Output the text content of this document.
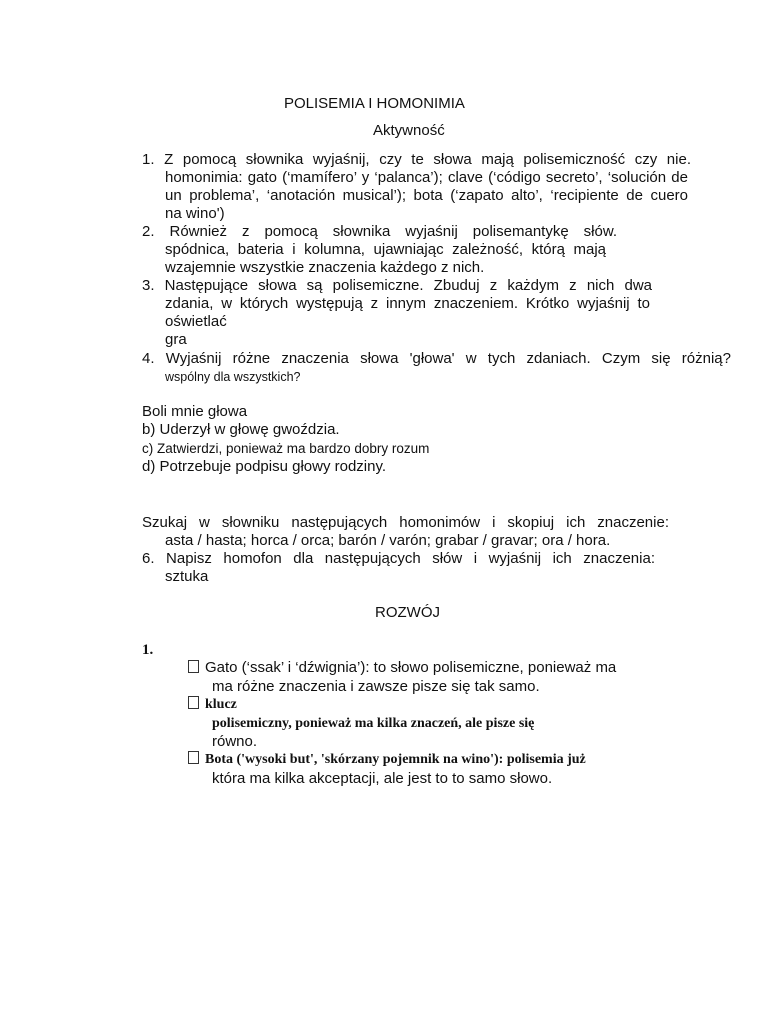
POLISEMIA I HOMONIMIA
Aktywność
1. Z pomocą słownika wyjaśnij, czy te słowa mają polisemiczność czy nie.
homonimia: gato (‘mamífero’ y ‘palanca’); clave (‘código secreto’, ‘solución de
un problema’, ‘anotación musical’); bota (‘zapato alto’, ‘recipiente de cuero
na wino')
2. Również z pomocą słownika wyjaśnij polisemantykę słów.
spódnica, bateria i kolumna, ujawniając zależność, którą mają
wzajemnie wszystkie znaczenia każdego z nich.
3. Następujące słowa są polisemiczne. Zbuduj z każdym z nich dwa
zdania, w których występują z innym znaczeniem. Krótko wyjaśnij to
oświetlać
gra
4. Wyjaśnij różne znaczenia słowa 'głowa' w tych zdaniach. Czym się różnią?
wspólny dla wszystkich?
Boli mnie głowa
b) Uderzył w głowę gwoździa.
c) Zatwierdzi, ponieważ ma bardzo dobry rozum
d) Potrzebuje podpisu głowy rodziny.
Szukaj w słowniku następujących homonimów i skopiuj ich znaczenie:
asta / hasta; horca / orca; barón / varón; grabar / gravar; ora / hora.
6. Napisz homofon dla następujących słów i wyjaśnij ich znaczenia:
sztuka
ROZWÓJ
1.
Gato (‘ssak’ i ‘dźwignia’): to słowo polisemiczne, ponieważ ma
ma różne znaczenia i zawsze pisze się tak samo.
klucz
polisemiczny, ponieważ ma kilka znaczeń, ale pisze się
równo.
Bota ('wysoki but', 'skórzany pojemnik na wino'): polisemia już
która ma kilka akceptacji, ale jest to to samo słowo.
